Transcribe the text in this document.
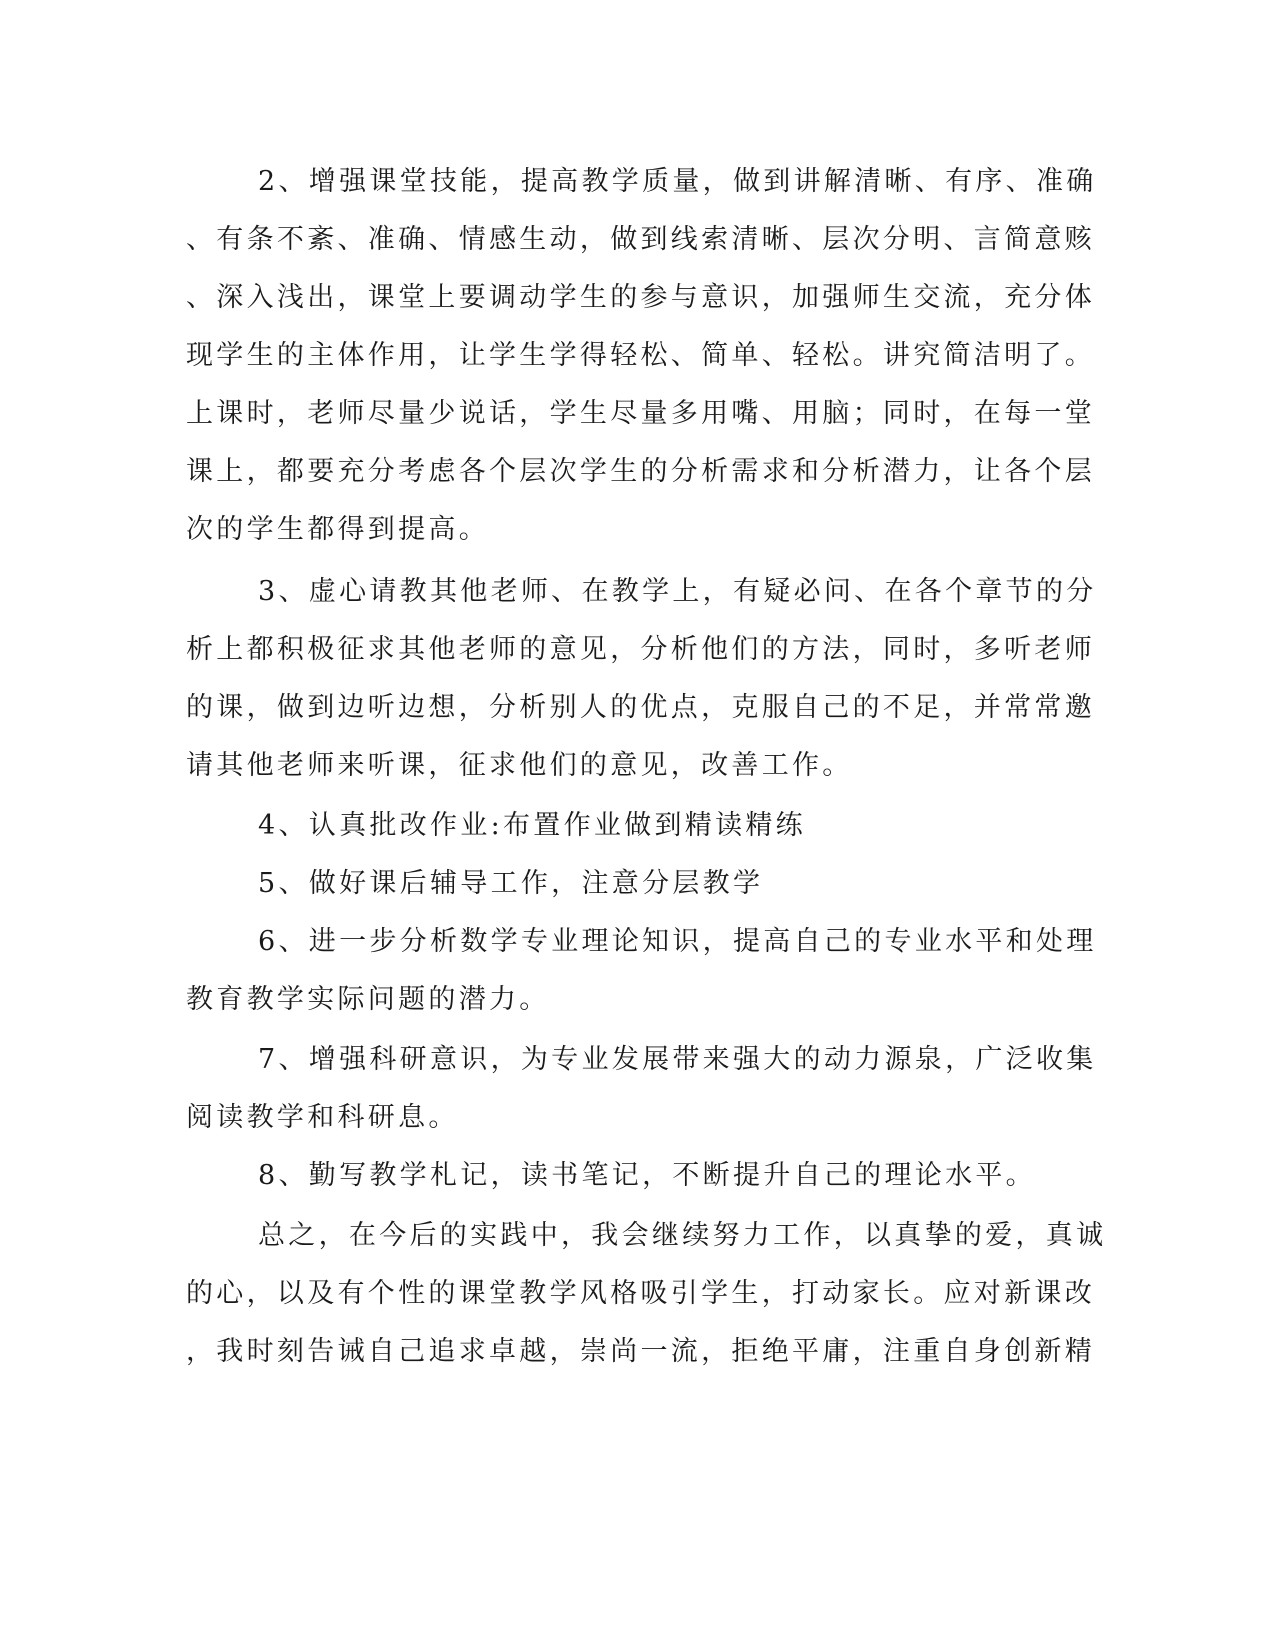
2、增强课堂技能，提高教学质量，做到讲解清晰、有序、准确
、有条不紊、准确、情感生动，做到线索清晰、层次分明、言简意赅
、深入浅出，课堂上要调动学生的参与意识，加强师生交流，充分体
现学生的主体作用，让学生学得轻松、简单、轻松。讲究简洁明了。
上课时，老师尽量少说话，学生尽量多用嘴、用脑；同时，在每一堂
课上，都要充分考虑各个层次学生的分析需求和分析潜力，让各个层
次的学生都得到提高。
3、虚心请教其他老师、在教学上，有疑必问、在各个章节的分
析上都积极征求其他老师的意见，分析他们的方法，同时，多听老师
的课，做到边听边想，分析别人的优点，克服自己的不足，并常常邀
请其他老师来听课，征求他们的意见，改善工作。
4、认真批改作业:布置作业做到精读精练
5、做好课后辅导工作，注意分层教学
6、进一步分析数学专业理论知识，提高自己的专业水平和处理
教育教学实际问题的潜力。
7、增强科研意识，为专业发展带来强大的动力源泉，广泛收集
阅读教学和科研息。
8、勤写教学札记，读书笔记，不断提升自己的理论水平。
总之，在今后的实践中，我会继续努力工作，以真挚的爱，真诚
的心，以及有个性的课堂教学风格吸引学生，打动家长。应对新课改
，我时刻告诫自己追求卓越，崇尚一流，拒绝平庸，注重自身创新精
